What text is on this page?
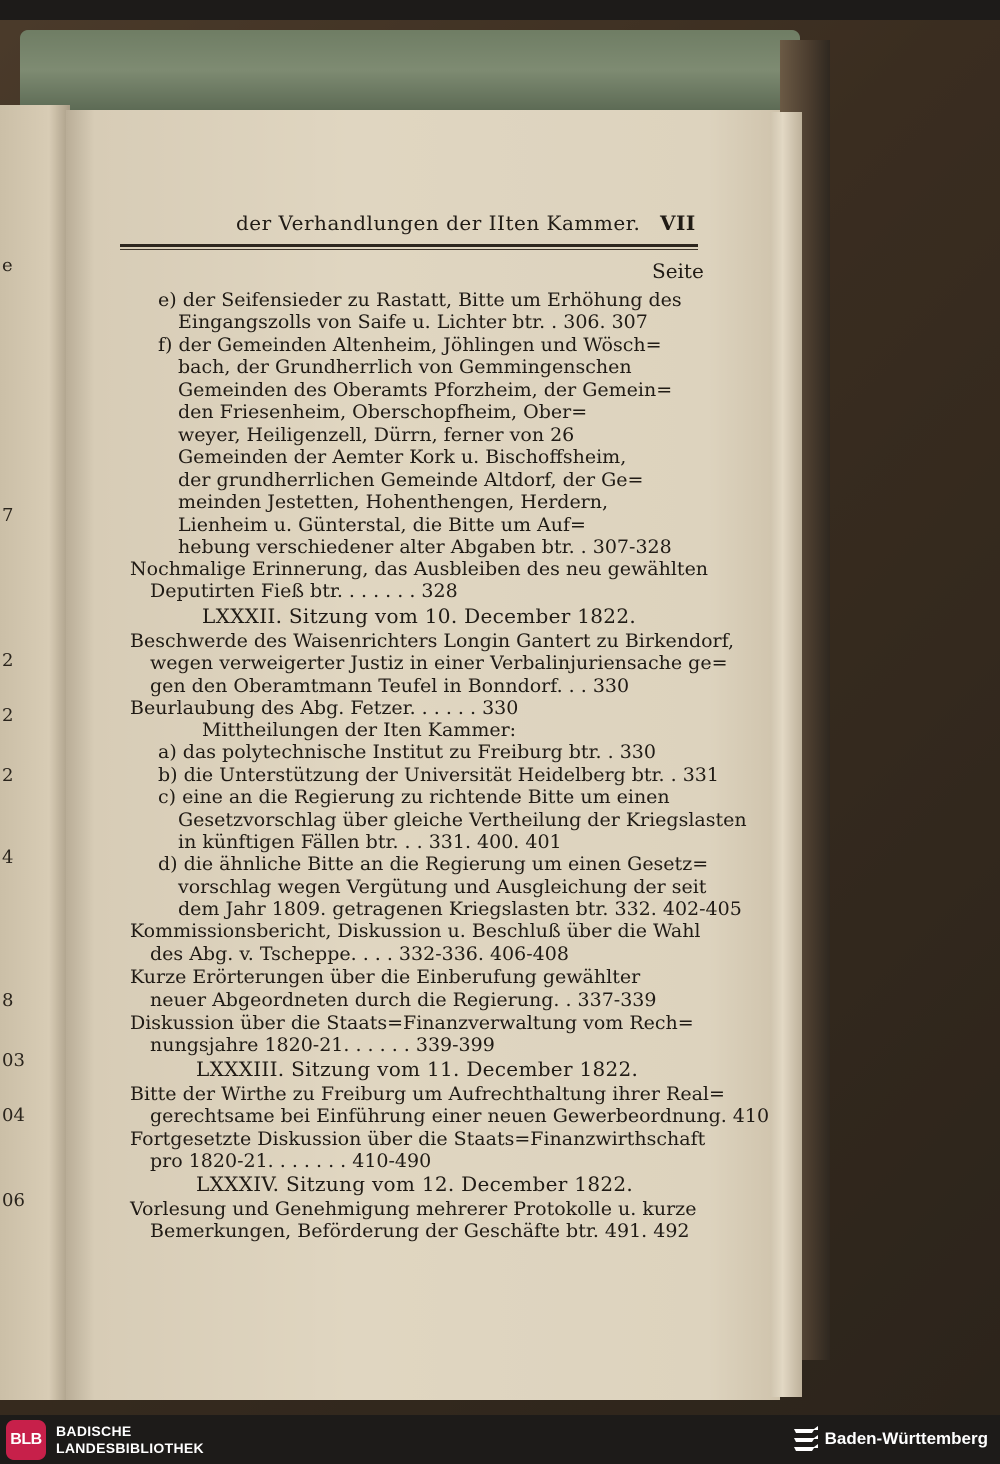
e
7
2
2
2
4
8
03
04
06
der Verhandlungen der IIten Kammer. VII
Seite
e) der Seifensieder zu Rastatt, Bitte um Erhöhung des
Eingangszolls von Saife u. Lichter btr. . 306. 307
f) der Gemeinden Altenheim, Jöhlingen und Wösch=
bach, der Grundherrlich von Gemmingenschen
Gemeinden des Oberamts Pforzheim, der Gemein=
den Friesenheim, Oberschopfheim, Ober=
weyer, Heiligenzell, Dürrn, ferner von 26
Gemeinden der Aemter Kork u. Bischoffsheim,
der grundherrlichen Gemeinde Altdorf, der Ge=
meinden Jestetten, Hohenthengen, Herdern,
Lienheim u. Günterstal, die Bitte um Auf=
hebung verschiedener alter Abgaben btr. . 307-328
Nochmalige Erinnerung, das Ausbleiben des neu gewählten
Deputirten Fieß btr. . . . . . . 328
LXXXII. Sitzung vom 10. December 1822.
Beschwerde des Waisenrichters Longin Gantert zu Birkendorf,
wegen verweigerter Justiz in einer Verbalinjuriensache ge=
gen den Oberamtmann Teufel in Bonndorf. . . 330
Beurlaubung des Abg. Fetzer. . . . . . 330
Mittheilungen der Iten Kammer:
a) das polytechnische Institut zu Freiburg btr. . 330
b) die Unterstützung der Universität Heidelberg btr. . 331
c) eine an die Regierung zu richtende Bitte um einen
Gesetzvorschlag über gleiche Vertheilung der Kriegslasten
in künftigen Fällen btr. . . 331. 400. 401
d) die ähnliche Bitte an die Regierung um einen Gesetz=
vorschlag wegen Vergütung und Ausgleichung der seit
dem Jahr 1809. getragenen Kriegslasten btr. 332. 402-405
Kommissionsbericht, Diskussion u. Beschluß über die Wahl
des Abg. v. Tscheppe. . . . 332-336. 406-408
Kurze Erörterungen über die Einberufung gewählter
neuer Abgeordneten durch die Regierung. . 337-339
Diskussion über die Staats=Finanzverwaltung vom Rech=
nungsjahre 1820-21. . . . . . 339-399
LXXXIII. Sitzung vom 11. December 1822.
Bitte der Wirthe zu Freiburg um Aufrechthaltung ihrer Real=
gerechtsame bei Einführung einer neuen Gewerbeordnung. 410
Fortgesetzte Diskussion über die Staats=Finanzwirthschaft
pro 1820-21. . . . . . . 410-490
LXXXIV. Sitzung vom 12. December 1822.
Vorlesung und Genehmigung mehrerer Protokolle u. kurze
Bemerkungen, Beförderung der Geschäfte btr. 491. 492
BLB BADISCHE
LANDESBIBLIOTHEK	Baden-Württemberg
